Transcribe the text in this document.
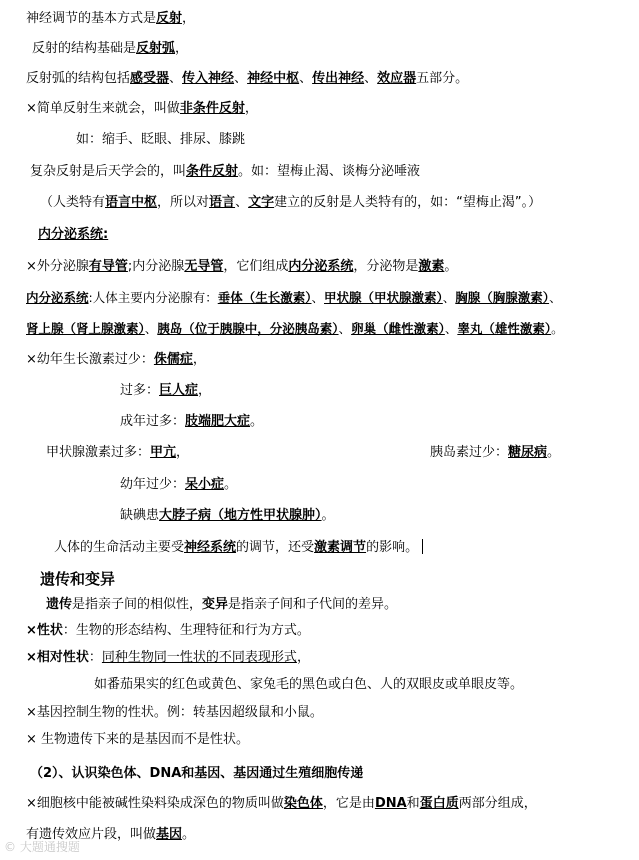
神经调节的基本方式是反射，
反射的结构基础是反射弧，
反射弧的结构包括感受器、传入神经、神经中枢、传出神经、效应器五部分。
×简单反射生来就会，叫做非条件反射，
如：缩手、眨眼、排尿、膝跳
复杂反射是后天学会的，叫条件反射。如：望梅止渴、谈梅分泌唾液
（人类特有语言中枢，所以对语言、文字建立的反射是人类特有的，如：“望梅止渴”。）
内分泌系统:
×外分泌腺有导管;内分泌腺无导管，它们组成内分泌系统，分泌物是激素。
内分泌系统:人体主要内分泌腺有：垂体（生长激素）、甲状腺（甲状腺激素）、胸腺（胸腺激素）、
肾上腺（肾上腺激素）、胰岛（位于胰腺中，分泌胰岛素）、卵巢（雌性激素）、睾丸（雄性激素）。
×幼年生长激素过少：侏儒症，
过多：巨人症，
成年过多：肢端肥大症。
甲状腺激素过多：甲亢，	胰岛素过少：糖尿病。
幼年过少：呆小症。
缺碘患大脖子病（地方性甲状腺肿）。
人体的生命活动主要受神经系统的调节，还受激素调节的影响。
遗传和变异
遗传是指亲子间的相似性，变异是指亲子间和子代间的差异。
×性状：生物的形态结构、生理特征和行为方式。
×相对性状：同种生物同一性状的不同表现形式，
如番茄果实的红色或黄色、家兔毛的黑色或白色、人的双眼皮或单眼皮等。
×基因控制生物的性状。例：转基因超级鼠和小鼠。
× 生物遗传下来的是基因而不是性状。
（2）、认识染色体、DNA和基因、基因通过生殖细胞传递
×细胞核中能被碱性染料染成深色的物质叫做染色体，它是由DNA和蛋白质两部分组成，
有遗传效应片段，叫做基因。
© 大题通搜题
